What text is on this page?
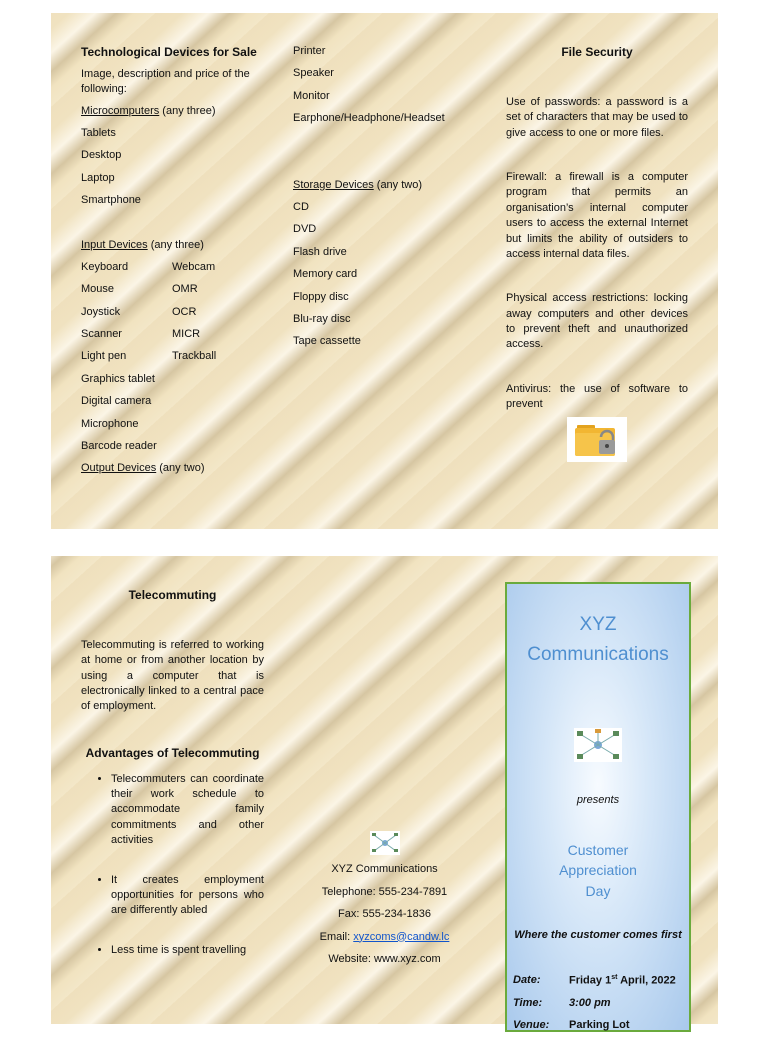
Technological Devices for Sale
Image, description and price of the following:
Microcomputers (any three)
Tablets
Desktop
Laptop
Smartphone
Input Devices (any three)
Keyboard	Webcam
Mouse	OMR
Joystick	OCR
Scanner	MICR
Light pen	Trackball
Graphics tablet
Digital camera
Microphone
Barcode reader
Output Devices (any two)
Printer
Speaker
Monitor
Earphone/Headphone/Headset
Storage Devices (any two)
CD
DVD
Flash drive
Memory card
Floppy disc
Blu-ray disc
Tape cassette
File Security
Use of passwords: a password is a set of characters that may be used to give access to one or more files.
Firewall: a firewall is a computer program that permits an organisation’s internal computer users to access the external Internet but limits the ability of outsiders to access internal data files.
Physical access restrictions: locking away computers and other devices to prevent theft and unauthorized access.
Antivirus: the use of software to prevent
Telecommuting
Telecommuting is referred to working at home or from another location by using a computer that is electronically linked to a central pace of employment.
Advantages of Telecommuting
• Telecommuters can coordinate their work schedule to accommodate family commitments and other activities
• It creates employment opportunities for persons who are differently abled
• Less time is spent travelling
XYZ Communications
Telephone: 555-234-7891
Fax: 555-234-1836
Email: xyzcoms@candw.lc
Website: www.xyz.com
XYZ
Communications
presents
Customer
Appreciation
Day
Where the customer comes first
Date:	Friday 1st April, 2022
Time:	3:00 pm
Venue:	Parking Lot
